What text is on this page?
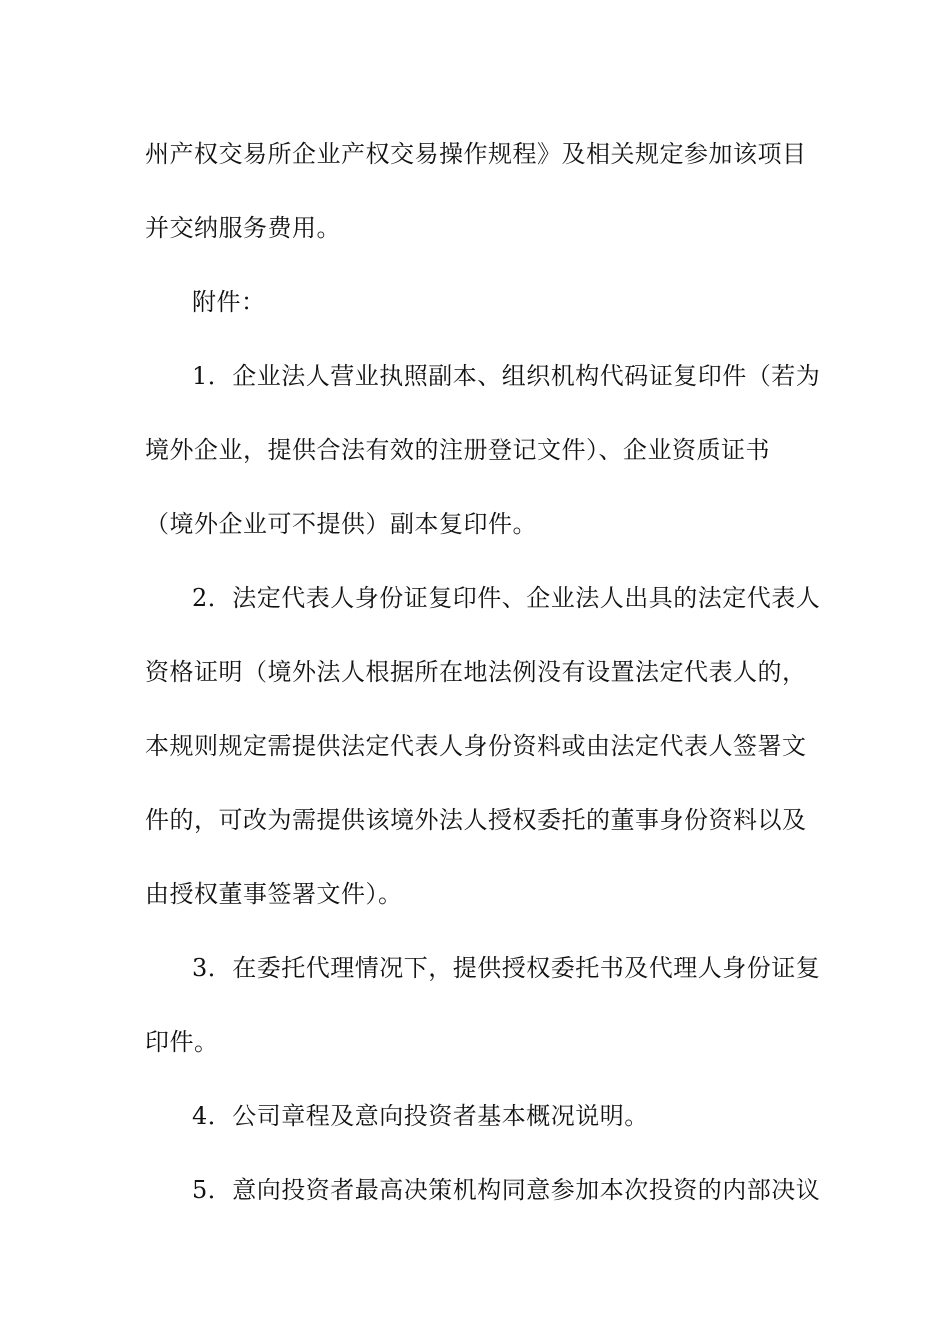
州产权交易所企业产权交易操作规程》及相关规定参加该项目
并交纳服务费用。
附件：
1．企业法人营业执照副本、组织机构代码证复印件（若为
境外企业，提供合法有效的注册登记文件）、企业资质证书
（境外企业可不提供）副本复印件。
2．法定代表人身份证复印件、企业法人出具的法定代表人
资格证明（境外法人根据所在地法例没有设置法定代表人的，
本规则规定需提供法定代表人身份资料或由法定代表人签署文
件的，可改为需提供该境外法人授权委托的董事身份资料以及
由授权董事签署文件）。
3．在委托代理情况下，提供授权委托书及代理人身份证复
印件。
4．公司章程及意向投资者基本概况说明。
5．意向投资者最高决策机构同意参加本次投资的内部决议
